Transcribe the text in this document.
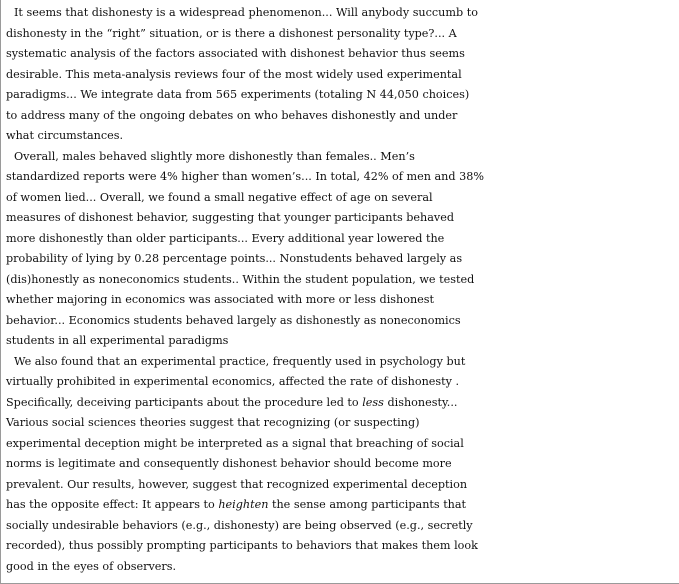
It seems that dishonesty is a widespread phenomenon... Will anybody succumb to
dishonesty in the “right” situation, or is there a dishonest personality type?... A
systematic analysis of the factors associated with dishonest behavior thus seems
desirable. This meta-analysis reviews four of the most widely used experimental
paradigms... We integrate data from 565 experiments (totaling N 44,050 choices)
to address many of the ongoing debates on who behaves dishonestly and under
what circumstances.
Overall, males behaved slightly more dishonestly than females.. Men’s
standardized reports were 4% higher than women’s... In total, 42% of men and 38%
of women lied... Overall, we found a small negative effect of age on several
measures of dishonest behavior, suggesting that younger participants behaved
more dishonestly than older participants... Every additional year lowered the
probability of lying by 0.28 percentage points... Nonstudents behaved largely as
(dis)honestly as noneconomics students.. Within the student population, we tested
whether majoring in economics was associated with more or less dishonest
behavior... Economics students behaved largely as dishonestly as noneconomics
students in all experimental paradigms
We also found that an experimental practice, frequently used in psychology but
virtually prohibited in experimental economics, affected the rate of dishonesty .
Specifically, deceiving participants about the procedure led to less dishonesty...
Various social sciences theories suggest that recognizing (or suspecting)
experimental deception might be interpreted as a signal that breaching of social
norms is legitimate and consequently dishonest behavior should become more
prevalent. Our results, however, suggest that recognized experimental deception
has the opposite effect: It appears to heighten the sense among participants that
socially undesirable behaviors (e.g., dishonesty) are being observed (e.g., secretly
recorded), thus possibly prompting participants to behaviors that makes them look
good in the eyes of observers.
